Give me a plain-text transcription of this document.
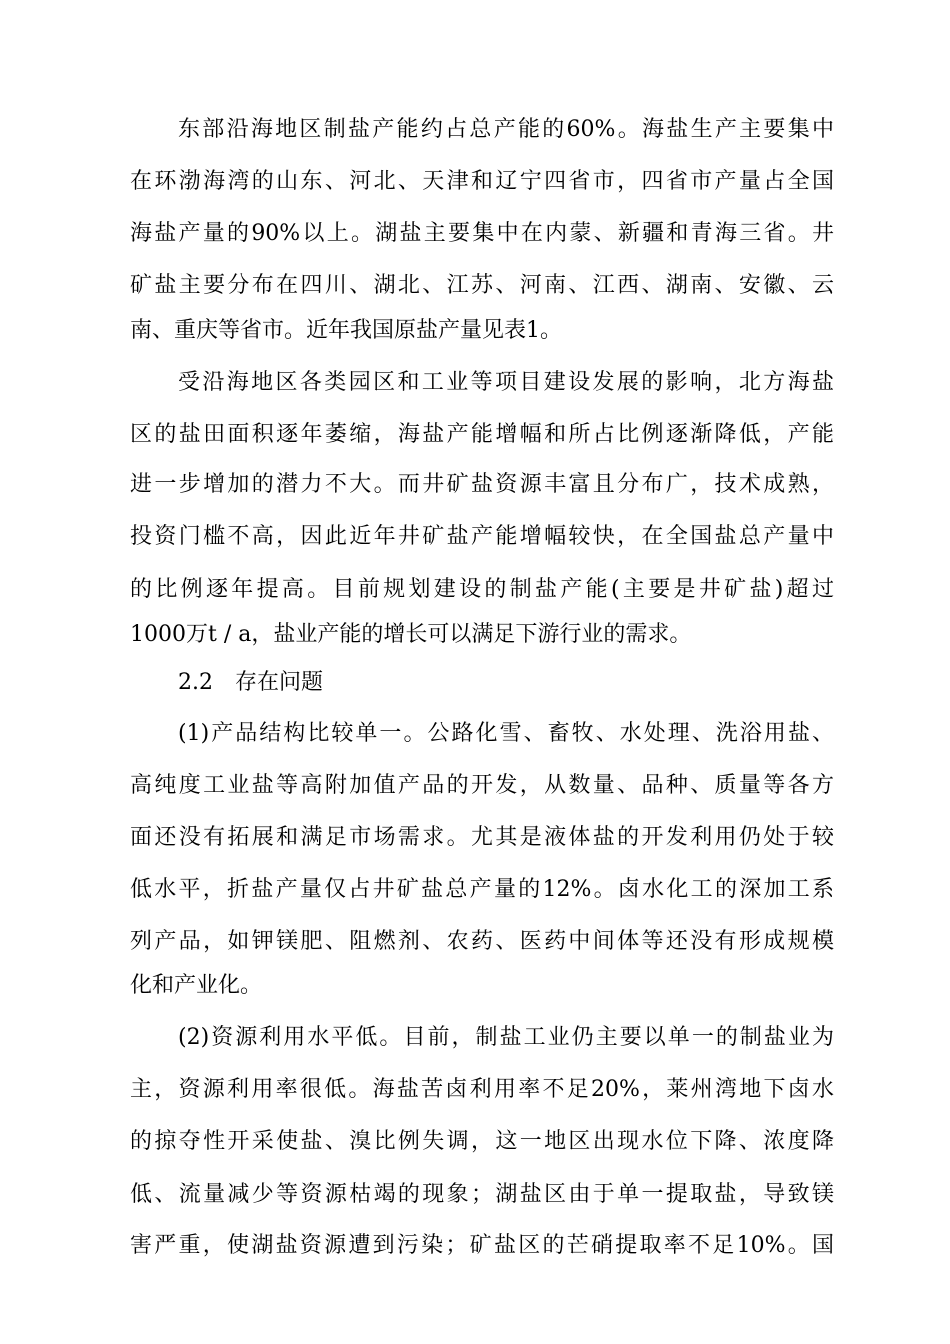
东部沿海地区制盐产能约占总产能的60%。海盐生产主要集中
在环渤海湾的山东、河北、天津和辽宁四省市，四省市产量占全国
海盐产量的90%以上。湖盐主要集中在内蒙、新疆和青海三省。井
矿盐主要分布在四川、湖北、江苏、河南、江西、湖南、安徽、云
南、重庆等省市。近年我国原盐产量见表1。
受沿海地区各类园区和工业等项目建设发展的影响，北方海盐
区的盐田面积逐年萎缩，海盐产能增幅和所占比例逐渐降低，产能
进一步增加的潜力不大。而井矿盐资源丰富且分布广，技术成熟，
投资门槛不高，因此近年井矿盐产能增幅较快，在全国盐总产量中
的比例逐年提高。目前规划建设的制盐产能(主要是井矿盐)超过
1000万t / a，盐业产能的增长可以满足下游行业的需求。
2.2　存在问题
(1)产品结构比较单一。公路化雪、畜牧、水处理、洗浴用盐、
高纯度工业盐等高附加值产品的开发，从数量、品种、质量等各方
面还没有拓展和满足市场需求。尤其是液体盐的开发利用仍处于较
低水平，折盐产量仅占井矿盐总产量的12%。卤水化工的深加工系
列产品，如钾镁肥、阻燃剂、农药、医药中间体等还没有形成规模
化和产业化。
(2)资源利用水平低。目前，制盐工业仍主要以单一的制盐业为
主，资源利用率很低。海盐苦卤利用率不足20%，莱州湾地下卤水
的掠夺性开采使盐、溴比例失调，这一地区出现水位下降、浓度降
低、流量减少等资源枯竭的现象；湖盐区由于单一提取盐，导致镁
害严重，使湖盐资源遭到污染；矿盐区的芒硝提取率不足10%。国
